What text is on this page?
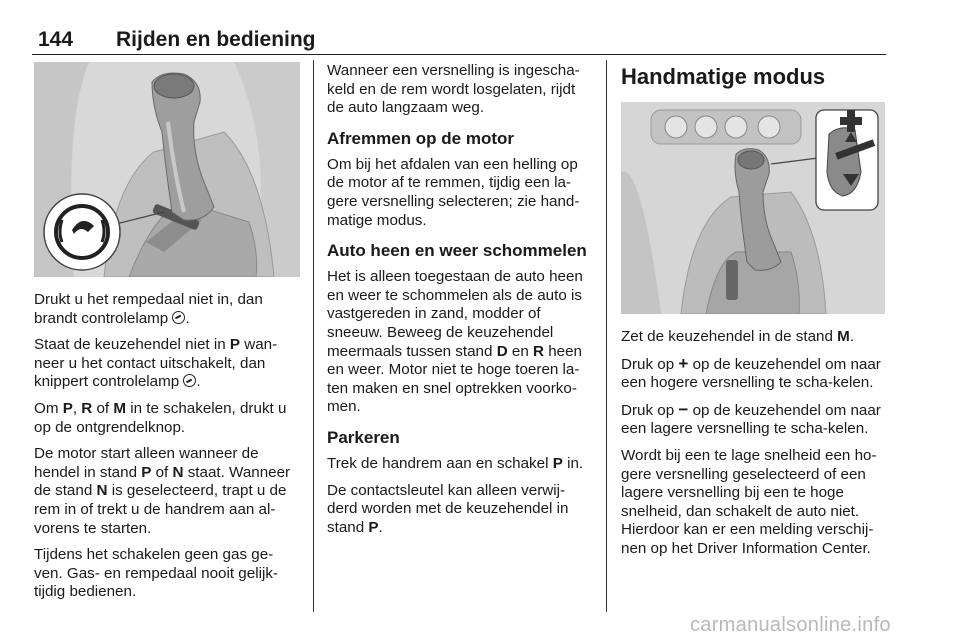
144 Rijden en bediening

Drukt u het rempedaal niet in, dan brandt controlelamp .

Staat de keuzehendel niet in P wan-neer u het contact uitschakelt, dan knippert controlelamp .

Om P, R of M in te schakelen, drukt u op de ontgrendelknop.

De motor start alleen wanneer de hendel in stand P of N staat. Wanneer de stand N is geselecteerd, trapt u de rem in of trekt u de handrem aan al-vorens te starten.

Tijdens het schakelen geen gas ge-ven. Gas- en rempedaal nooit gelijk-tijdig bedienen.

Wanneer een versnelling is ingescha-keld en de rem wordt losgelaten, rijdt de auto langzaam weg.

Afremmen op de motor

Om bij het afdalen van een helling op de motor af te remmen, tijdig een la-gere versnelling selecteren; zie hand-matige modus.

Auto heen en weer schommelen

Het is alleen toegestaan de auto heen en weer te schommelen als de auto is vastgereden in zand, modder of sneeuw. Beweeg de keuzehendel meermaals tussen stand D en R heen en weer. Motor niet te hoge toeren la-ten maken en snel optrekken voorko-men.

Parkeren

Trek de handrem aan en schakel P in.

De contactsleutel kan alleen verwij-derd worden met de keuzehendel in stand P.

Handmatige modus

Zet de keuzehendel in de stand M.

Druk op + op de keuzehendel om naar een hogere versnelling te scha-kelen.

Druk op − op de keuzehendel om naar een lagere versnelling te scha-kelen.

Wordt bij een te lage snelheid een ho-gere versnelling geselecteerd of een lagere versnelling bij een te hoge snelheid, dan schakelt de auto niet. Hierdoor kan er een melding verschij-nen op het Driver Information Center.

carmanualsonline.info
